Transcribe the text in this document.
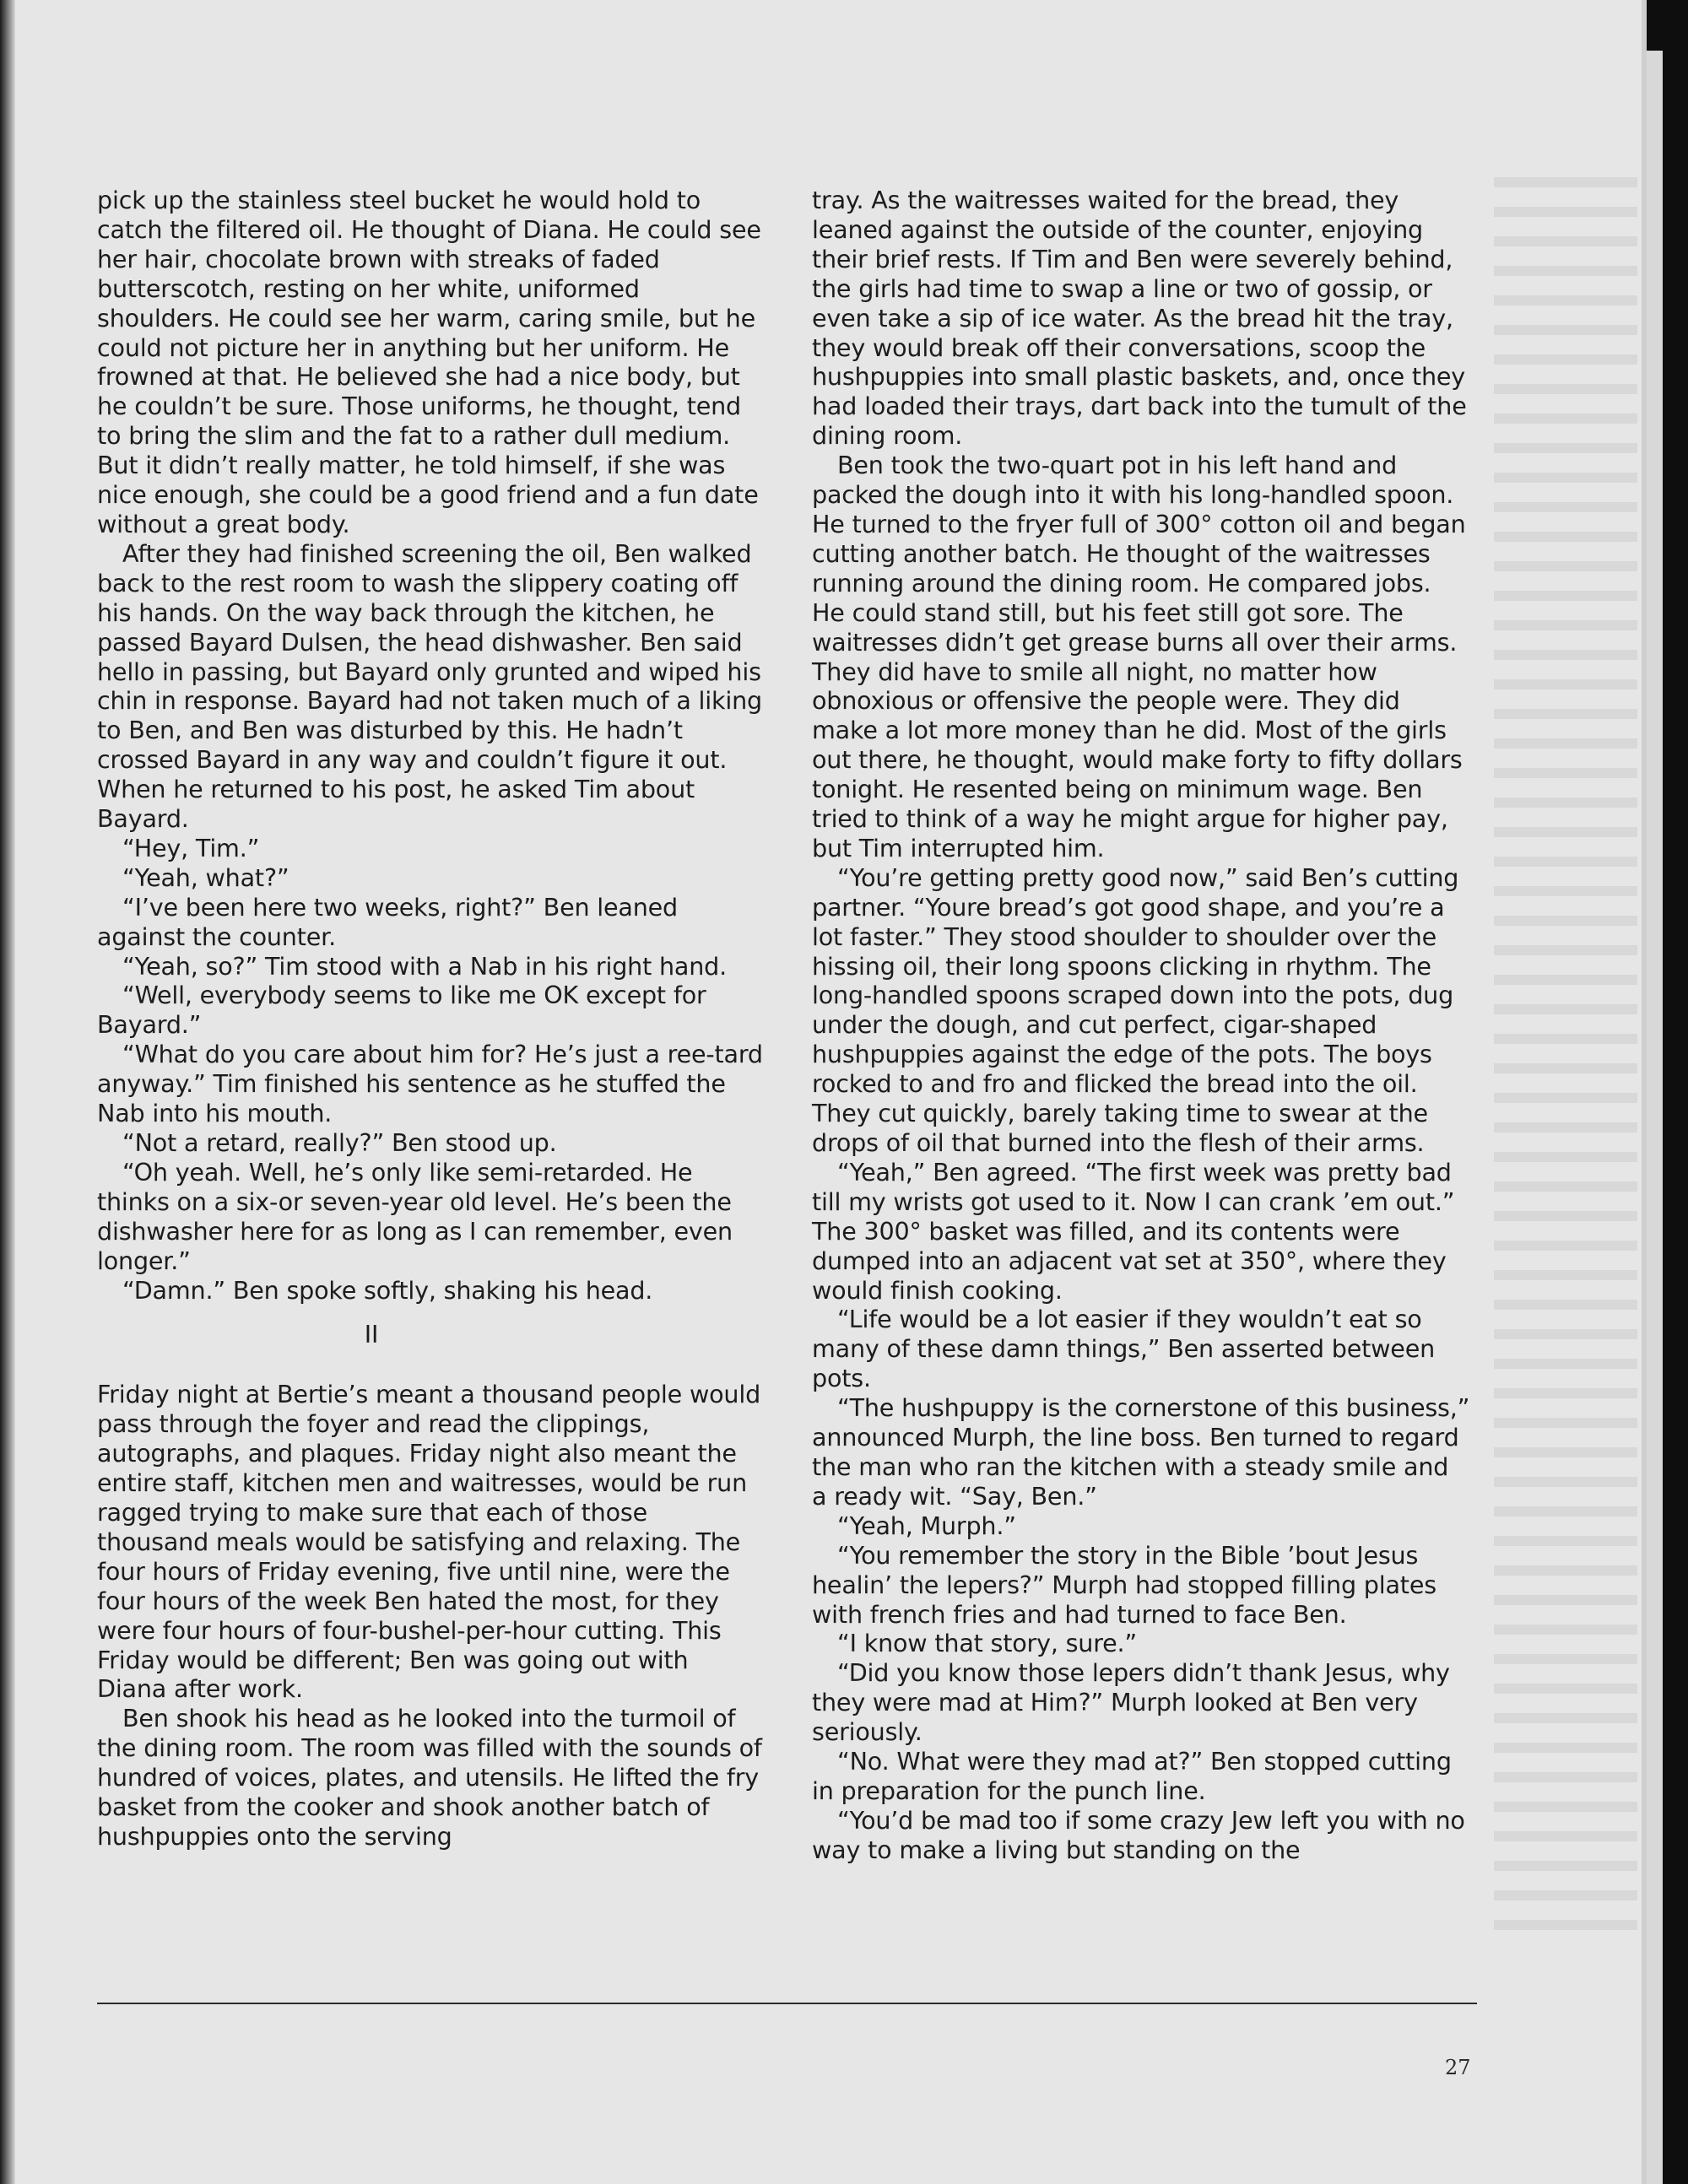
pick up the stainless steel bucket he would hold to catch the filtered oil. He thought of Diana. He could see her hair, chocolate brown with streaks of faded butterscotch, resting on her white, uniformed shoulders. He could see her warm, caring smile, but he could not picture her in anything but her uniform. He frowned at that. He believed she had a nice body, but he couldn’t be sure. Those uniforms, he thought, tend to bring the slim and the fat to a rather dull medium. But it didn’t really matter, he told himself, if she was nice enough, she could be a good friend and a fun date without a great body.

After they had finished screening the oil, Ben walked back to the rest room to wash the slippery coating off his hands. On the way back through the kitchen, he passed Bayard Dulsen, the head dishwasher. Ben said hello in passing, but Bayard only grunted and wiped his chin in response. Bayard had not taken much of a liking to Ben, and Ben was disturbed by this. He hadn’t crossed Bayard in any way and couldn’t figure it out. When he returned to his post, he asked Tim about Bayard.

“Hey, Tim.”

“Yeah, what?”

“I’ve been here two weeks, right?” Ben leaned against the counter.

“Yeah, so?” Tim stood with a Nab in his right hand.

“Well, everybody seems to like me OK except for Bayard.”

“What do you care about him for? He’s just a ree-tard anyway.” Tim finished his sentence as he stuffed the Nab into his mouth.

“Not a retard, really?” Ben stood up.

“Oh yeah. Well, he’s only like semi-retarded. He thinks on a six-or seven-year old level. He’s been the dishwasher here for as long as I can remember, even longer.”

“Damn.” Ben spoke softly, shaking his head.

II

Friday night at Bertie’s meant a thousand people would pass through the foyer and read the clippings, autographs, and plaques. Friday night also meant the entire staff, kitchen men and waitresses, would be run ragged trying to make sure that each of those thousand meals would be satisfying and relaxing. The four hours of Friday evening, five until nine, were the four hours of the week Ben hated the most, for they were four hours of four-bushel-per-hour cutting. This Friday would be different; Ben was going out with Diana after work.

Ben shook his head as he looked into the turmoil of the dining room. The room was filled with the sounds of hundred of voices, plates, and utensils. He lifted the fry basket from the cooker and shook another batch of hushpuppies onto the serving

tray. As the waitresses waited for the bread, they leaned against the outside of the counter, enjoying their brief rests. If Tim and Ben were severely behind, the girls had time to swap a line or two of gossip, or even take a sip of ice water. As the bread hit the tray, they would break off their conversations, scoop the hushpuppies into small plastic baskets, and, once they had loaded their trays, dart back into the tumult of the dining room.

Ben took the two-quart pot in his left hand and packed the dough into it with his long-handled spoon. He turned to the fryer full of 300° cotton oil and began cutting another batch. He thought of the waitresses running around the dining room. He compared jobs. He could stand still, but his feet still got sore. The waitresses didn’t get grease burns all over their arms. They did have to smile all night, no matter how obnoxious or offensive the people were. They did make a lot more money than he did. Most of the girls out there, he thought, would make forty to fifty dollars tonight. He resented being on minimum wage. Ben tried to think of a way he might argue for higher pay, but Tim interrupted him.

“You’re getting pretty good now,” said Ben’s cutting partner. “Youre bread’s got good shape, and you’re a lot faster.” They stood shoulder to shoulder over the hissing oil, their long spoons clicking in rhythm. The long-handled spoons scraped down into the pots, dug under the dough, and cut perfect, cigar-shaped hushpuppies against the edge of the pots. The boys rocked to and fro and flicked the bread into the oil. They cut quickly, barely taking time to swear at the drops of oil that burned into the flesh of their arms.

“Yeah,” Ben agreed. “The first week was pretty bad till my wrists got used to it. Now I can crank ’em out.” The 300° basket was filled, and its contents were dumped into an adjacent vat set at 350°, where they would finish cooking.

“Life would be a lot easier if they wouldn’t eat so many of these damn things,” Ben asserted between pots.

“The hushpuppy is the cornerstone of this business,” announced Murph, the line boss. Ben turned to regard the man who ran the kitchen with a steady smile and a ready wit. “Say, Ben.”

“Yeah, Murph.”

“You remember the story in the Bible ’bout Jesus healin’ the lepers?” Murph had stopped filling plates with french fries and had turned to face Ben.

“I know that story, sure.”

“Did you know those lepers didn’t thank Jesus, why they were mad at Him?” Murph looked at Ben very seriously.

“No. What were they mad at?” Ben stopped cutting in preparation for the punch line.

“You’d be mad too if some crazy Jew left you with no way to make a living but standing on the

27
